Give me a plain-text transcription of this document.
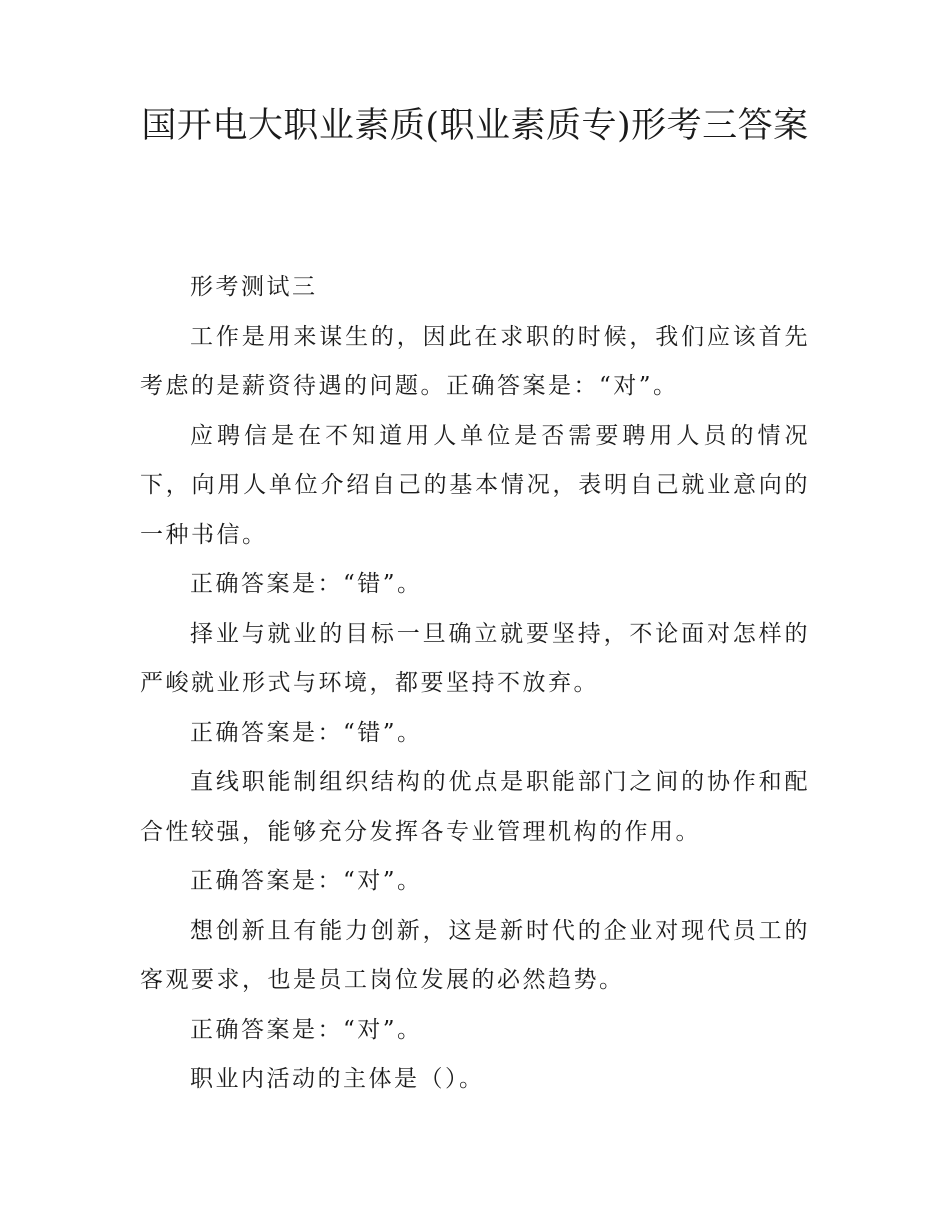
国开电大职业素质(职业素质专)形考三答案

形考测试三

工作是用来谋生的，因此在求职的时候，我们应该首先考虑的是薪资待遇的问题。正确答案是：“对”。

应聘信是在不知道用人单位是否需要聘用人员的情况下，向用人单位介绍自己的基本情况，表明自己就业意向的一种书信。

正确答案是：“错”。

择业与就业的目标一旦确立就要坚持，不论面对怎样的严峻就业形式与环境，都要坚持不放弃。

正确答案是：“错”。

直线职能制组织结构的优点是职能部门之间的协作和配合性较强，能够充分发挥各专业管理机构的作用。

正确答案是：“对”。

想创新且有能力创新，这是新时代的企业对现代员工的客观要求，也是员工岗位发展的必然趋势。

正确答案是：“对”。

职业内活动的主体是（）。
